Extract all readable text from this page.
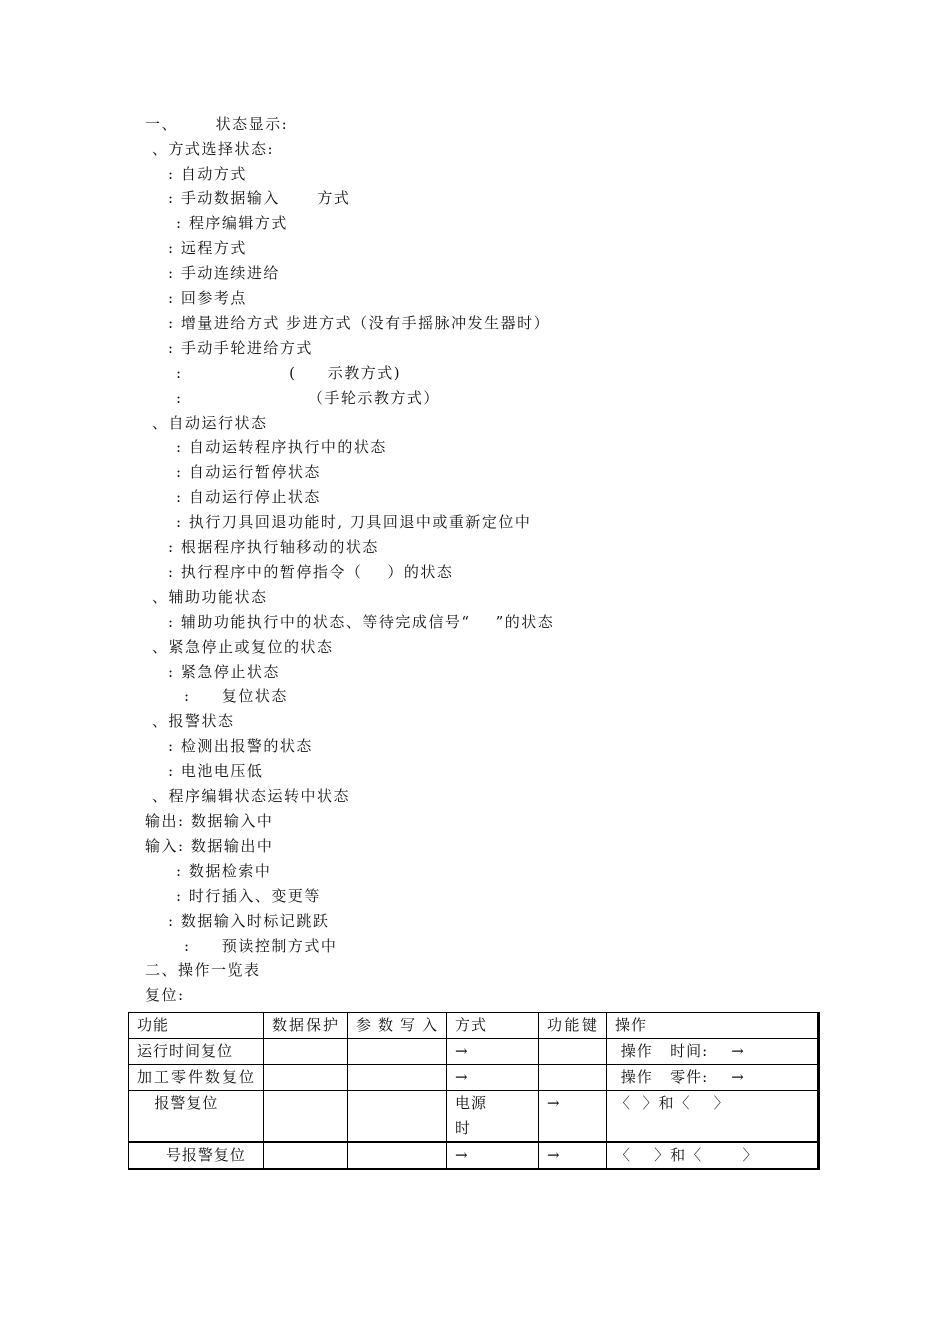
一、      状态显示:
、方式选择状态:
: 自动方式
: 手动数据输入      方式
: 程序编辑方式
: 远程方式
: 手动连续进给
: 回参考点
: 增量进给方式 步进方式（没有手摇脉冲发生器时）
: 手动手轮进给方式
:                 (     示教方式)
:                    （手轮示教方式）
、自动运行状态
: 自动运转程序执行中的状态
: 自动运行暂停状态
: 自动运行停止状态
: 执行刀具回退功能时, 刀具回退中或重新定位中
: 根据程序执行轴移动的状态
: 执行程序中的暂停指令（    ）的状态
、辅助功能状态
: 辅助功能执行中的状态、等待完成信号“    ”的状态
、紧急停止或复位的状态
: 紧急停止状态
:     复位状态
、报警状态
: 检测出报警的状态
: 电池电压低
、程序编辑状态运转中状态
输出: 数据输入中
输入: 数据输出中
: 数据检索中
: 时行插入、变更等
: 数据输入时标记跳跃
:     预读控制方式中
二、操作一览表
复位:
功能	数据保护	参数写入	方式	功能键	操作
运行时间复位			→		操作   时间:    →
加工零件数复位			→		操作   零件:    →
报警复位			电源     时	→	〈  〉和〈    〉
号报警复位			→	→	〈    〉和〈       〉
